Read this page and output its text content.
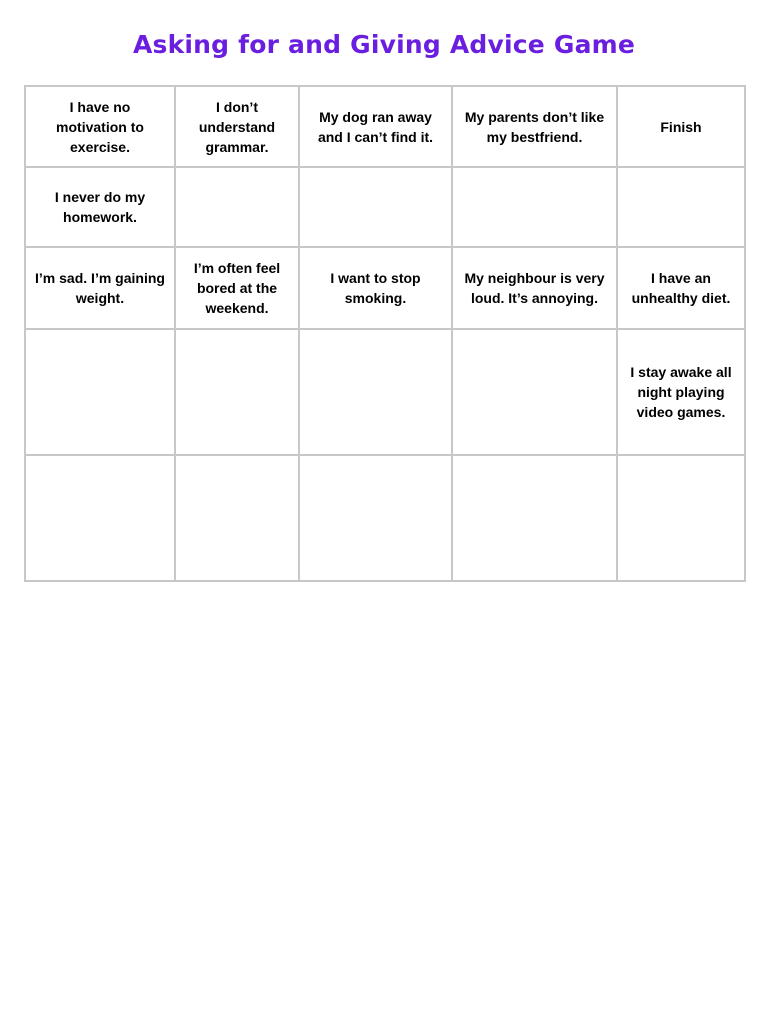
Asking for and Giving Advice Game
I have no motivation to exercise.	I don’t understand grammar.	My dog ran away and I can’t find it.	My parents don’t like my bestfriend.	Finish
I never do my homework.				
I’m sad. I’m gaining weight.	I’m often feel bored at the weekend.	I want to stop smoking.	My neighbour is very loud. It’s annoying.	I have an unhealthy diet.
				I stay awake all night playing video games.
